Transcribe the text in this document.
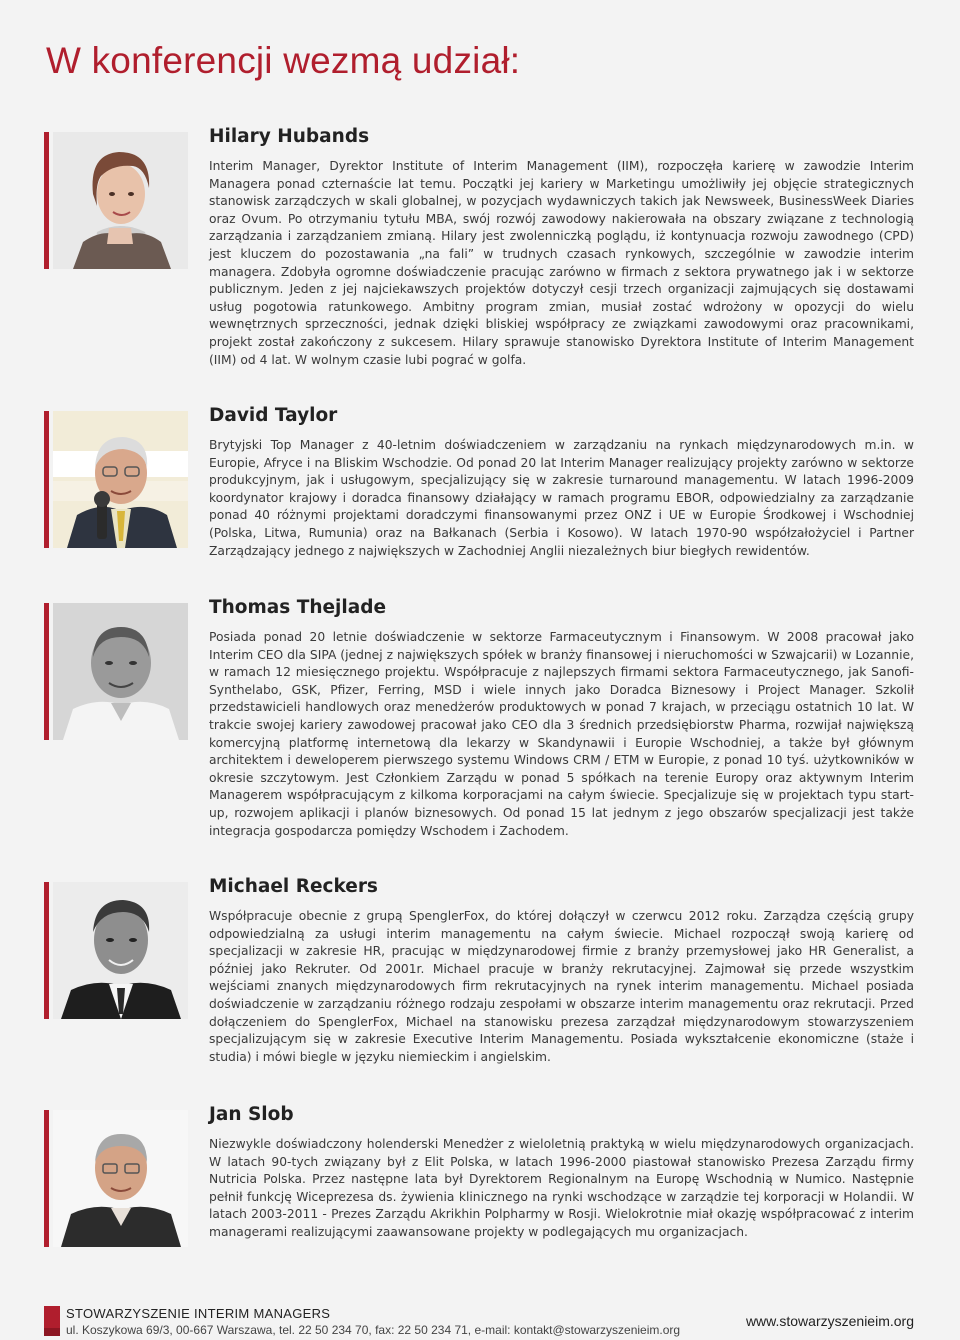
W konferencji wezmą udział:
Hilary Hubands

Interim Manager, Dyrektor Institute of Interim Management (IIM), rozpoczęła karierę w zawodzie Interim Managera ponad czternaście lat temu. Początki jej kariery w Marketingu umożliwiły jej objęcie strategicznych stanowisk zarządczych w skali globalnej, w pozycjach wydawniczych takich jak Newsweek, BusinessWeek Diaries oraz Ovum. Po otrzymaniu tytułu MBA, swój rozwój zawodowy nakierowała na obszary związane z technologią zarządzania i zarządzaniem zmianą. Hilary jest zwolenniczką poglądu, iż kontynuacja rozwoju zawodnego (CPD) jest kluczem do pozostawania „na fali” w trudnych czasach rynkowych, szczególnie w zawodzie interim managera. Zdobyła ogromne doświadczenie pracując zarówno w firmach z sektora prywatnego jak i w sektorze publicznym. Jeden z jej najciekawszych projektów dotyczył cesji trzech organizacji zajmujących się dostawami usług pogotowia ratunkowego. Ambitny program zmian, musiał zostać wdrożony w opozycji do wielu wewnętrznych sprzeczności, jednak dzięki bliskiej współpracy ze związkami zawodowymi oraz pracownikami, projekt został zakończony z sukcesem. Hilary sprawuje stanowisko Dyrektora Institute of Interim Management (IIM) od 4 lat. W wolnym czasie lubi pograć w golfa.

David Taylor

Brytyjski Top Manager z 40-letnim doświadczeniem w zarządzaniu na rynkach międzynarodowych m.in. w Europie, Afryce i na Bliskim Wschodzie. Od ponad 20 lat Interim Manager realizujący projekty zarówno w sektorze produkcyjnym, jak i usługowym, specjalizujący się w zakresie turnaround managementu. W latach 1996-2009 koordynator krajowy i doradca finansowy działający w ramach programu EBOR, odpowiedzialny za zarządzanie ponad 40 różnymi projektami doradczymi finansowanymi przez ONZ i UE w Europie Środkowej i Wschodniej (Polska, Litwa, Rumunia) oraz na Bałkanach (Serbia i Kosowo). W latach 1970-90 współzałożyciel i Partner Zarządzający jednego z największych w Zachodniej Anglii niezależnych biur biegłych rewidentów.

Thomas Thejlade

Posiada ponad 20 letnie doświadczenie w sektorze Farmaceutycznym i Finansowym. W 2008 pracował jako Interim CEO dla SIPA (jednej z największych spółek w branży finansowej i nieruchomości w Szwajcarii) w Lozannie, w ramach 12 miesięcznego projektu. Współpracuje z najlepszych firmami sektora Farmaceutycznego, jak Sanofi-Synthelabo, GSK, Pfizer, Ferring, MSD i wiele innych jako Doradca Biznesowy i Project Manager. Szkolił przedstawicieli handlowych oraz menedżerów produktowych w ponad 7 krajach, w przeciągu ostatnich 10 lat. W trakcie swojej kariery zawodowej pracował jako CEO dla 3 średnich przedsiębiorstw Pharma, rozwijał największą komercyjną platformę internetową dla lekarzy w Skandynawii i Europie Wschodniej, a także był głównym architektem i deweloperem pierwszego systemu Windows CRM / ETM w Europie, z ponad 10 tyś. użytkowników w okresie szczytowym. Jest Członkiem Zarządu w ponad 5 spółkach na terenie Europy oraz aktywnym Interim Managerem współpracującym z kilkoma korporacjami na całym świecie. Specjalizuje się w projektach typu start-up, rozwojem aplikacji i planów biznesowych. Od ponad 15 lat jednym z jego obszarów specjalizacji jest także integracja gospodarcza pomiędzy Wschodem i Zachodem.

Michael Reckers

Współpracuje obecnie z grupą SpenglerFox, do której dołączył w czerwcu 2012 roku. Zarządza częścią grupy odpowiedzialną za usługi interim managementu na całym świecie. Michael rozpoczął swoją karierę od specjalizacji w zakresie HR, pracując w międzynarodowej firmie z branży przemysłowej jako HR Generalist, a później jako Rekruter. Od 2001r. Michael pracuje w branży rekrutacyjnej. Zajmował się przede wszystkim wejściami znanych międzynarodowych firm rekrutacyjnych na rynek interim managementu. Michael posiada doświadczenie w zarządzaniu różnego rodzaju zespołami w obszarze interim managementu oraz rekrutacji. Przed dołączeniem do SpenglerFox, Michael na stanowisku prezesa zarządzał międzynarodowym stowarzyszeniem specjalizującym się w zakresie Executive Interim Managementu. Posiada wykształcenie ekonomiczne (staże i studia) i mówi biegle w języku niemieckim i angielskim.

Jan Slob

Niezwykle doświadczony holenderski Menedżer z wieloletnią praktyką w wielu międzynarodowych organizacjach. W latach 90-tych związany był z Elit Polska, w latach 1996-2000 piastował stanowisko Prezesa Zarządu firmy Nutricia Polska. Przez następne lata był Dyrektorem Regionalnym na Europę Wschodnią w Numico. Następnie pełnił funkcję Wiceprezesa ds. żywienia klinicznego na rynki wschodzące w zarządzie tej korporacji w Holandii. W latach 2003-2011 - Prezes Zarządu Akrikhin Polpharmy w Rosji. Wielokrotnie miał okazję współpracować z interim managerami realizującymi zaawansowane projekty w podlegających mu organizacjach.

STOWARZYSZENIE INTERIM MANAGERS

ul. Koszykowa 69/3, 00-667 Warszawa, tel. 22 50 234 70, fax: 22 50 234 71, e-mail: kontakt@stowarzyszenieim.org

www.stowarzyszenieim.org
